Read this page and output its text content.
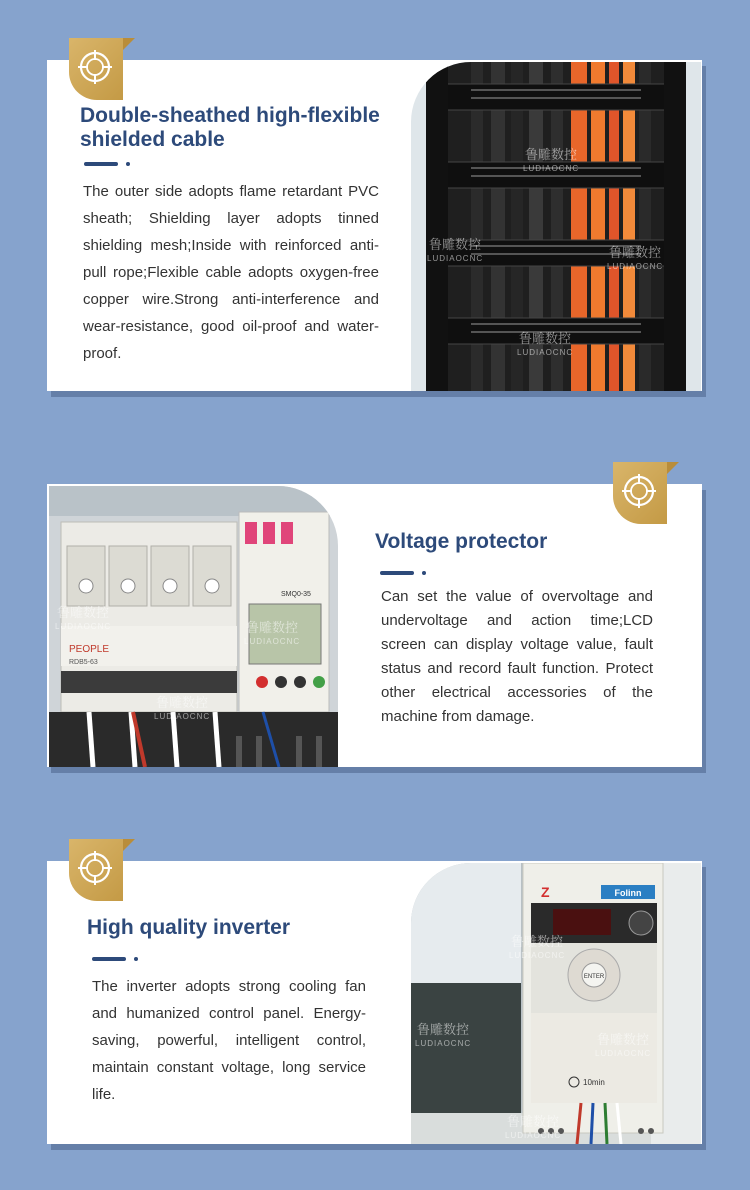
Double-sheathed high-flexible shielded cable

The outer side adopts flame retardant PVC sheath; Shielding layer adopts tinned shielding mesh;Inside with reinforced anti-pull rope;Flexible cable adopts oxygen-free copper wire.Strong anti-interference and wear-resistance, good oil-proof and water-proof.

鲁雕数控
LUDIAOCNC
鲁雕数控
LUDIAOCNC	鲁雕数控
LUDIAOCNC
鲁雕数控
LUDIAOCNC
PEOPLE
RDB5-63
SMQ0-35
鲁雕数控
LUDIAOCNC	鲁雕数控
LUDIAOCNC
鲁雕数控
LUDIAOCNC
Voltage protector

Can set the value of overvoltage and undervoltage and action time;LCD screen can display voltage value, fault status and record fault function. Protect other electrical accessories of the machine from damage.

High quality inverter

The inverter adopts strong cooling fan and humanized control panel. Energy-saving, powerful, intelligent control, maintain constant voltage, long service life.

Z	Folinn
ENTER
10min
鲁雕数控
LUDIAOCNC
鲁雕数控
LUDIAOCNC	鲁雕数控
LUDIAOCNC
鲁雕数控
LUDIAOCNC
